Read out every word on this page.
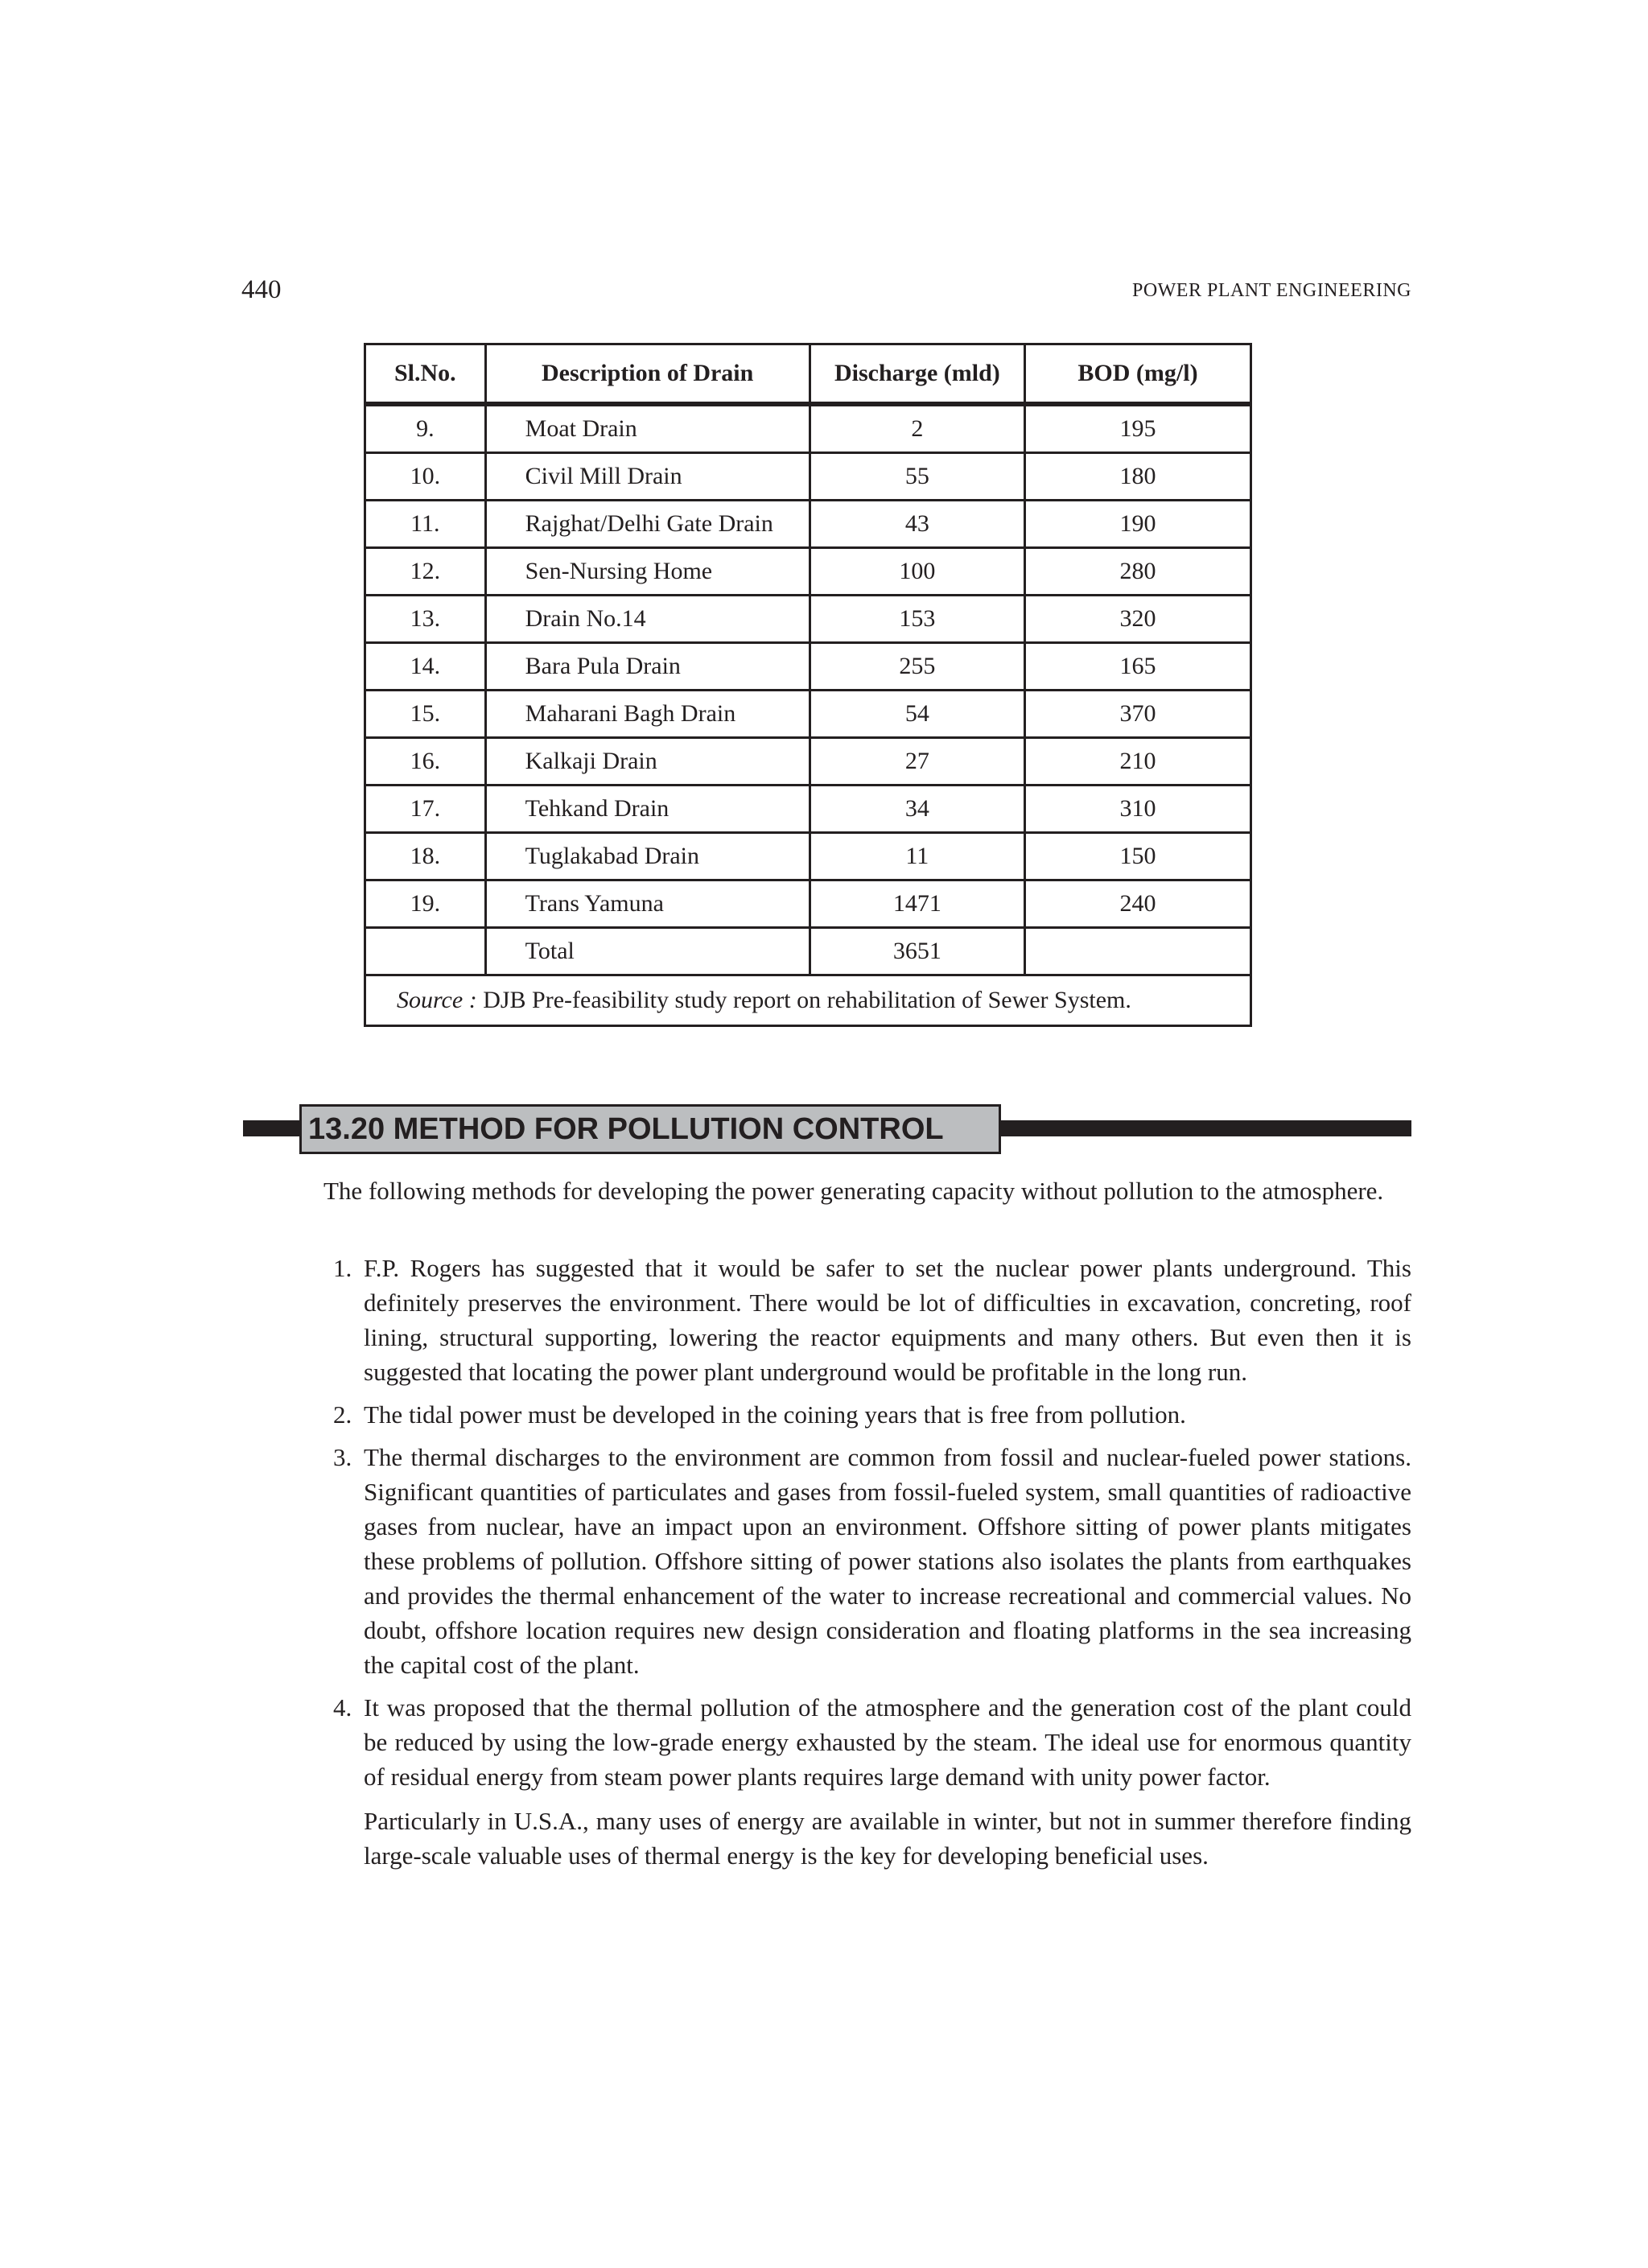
440	POWER PLANT ENGINEERING
Sl.No.	Description of Drain	Discharge (mld)	BOD (mg/l)
9.	Moat Drain	2	195
10.	Civil Mill Drain	55	180
11.	Rajghat/Delhi Gate Drain	43	190
12.	Sen-Nursing Home	100	280
13.	Drain No.14	153	320
14.	Bara Pula Drain	255	165
15.	Maharani Bagh Drain	54	370
16.	Kalkaji Drain	27	210
17.	Tehkand Drain	34	310
18.	Tuglakabad Drain	11	150
19.	Trans Yamuna	1471	240
	Total	3651	
Source : DJB Pre-feasibility study report on rehabilitation of Sewer System.			
13.20 METHOD FOR POLLUTION CONTROL

The following methods for developing the power generating capacity without pollution to the atmosphere.

1. F.P. Rogers has suggested that it would be safer to set the nuclear power plants underground. This definitely preserves the environment. There would be lot of difficulties in excavation, concreting, roof lining, structural supporting, lowering the reactor equipments and many others. But even then it is suggested that locating the power plant underground would be profitable in the long run.
2. The tidal power must be developed in the coining years that is free from pollution.
3. The thermal discharges to the environment are common from fossil and nuclear-fueled power stations. Significant quantities of particulates and gases from fossil-fueled system, small quantities of radioactive gases from nuclear, have an impact upon an environment. Offshore sitting of power plants mitigates these problems of pollution. Offshore sitting of power stations also isolates the plants from earthquakes and provides the thermal enhancement of the water to increase recreational and commercial values. No doubt, offshore location requires new design consideration and floating platforms in the sea increasing the capital cost of the plant.
4. It was proposed that the thermal pollution of the atmosphere and the generation cost of the plant could be reduced by using the low-grade energy exhausted by the steam. The ideal use for enormous quantity of residual energy from steam power plants requires large demand with unity power factor.

Particularly in U.S.A., many uses of energy are available in winter, but not in summer therefore finding large-scale valuable uses of thermal energy is the key for developing beneficial uses.
